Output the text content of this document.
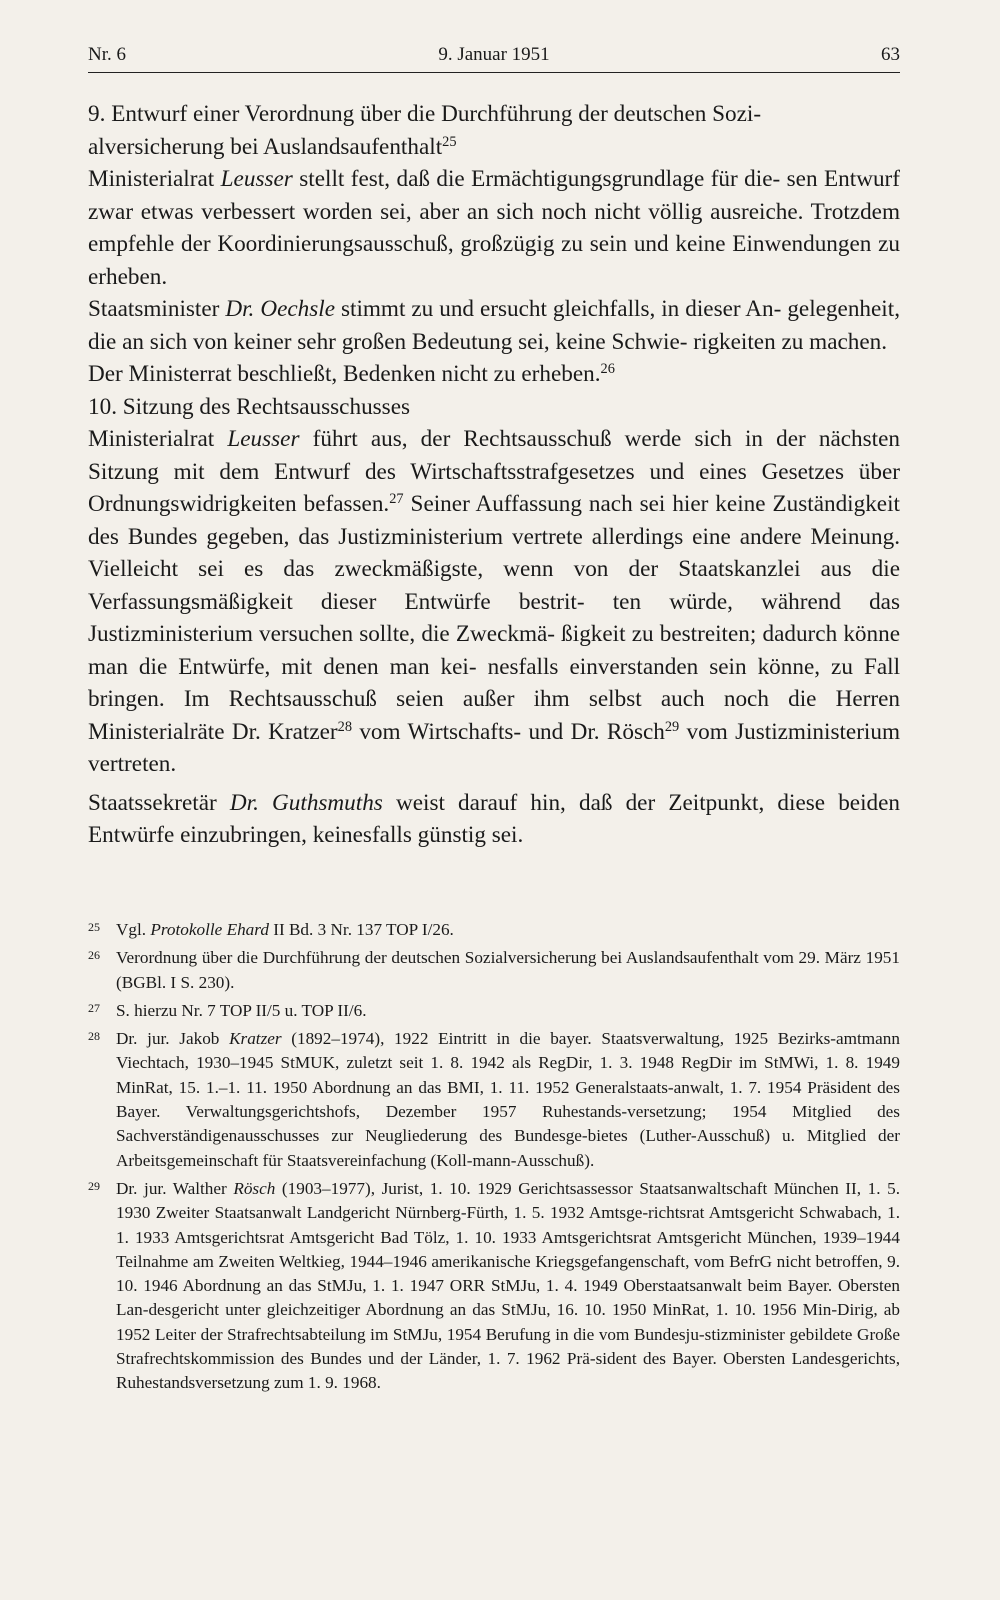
Nr. 6	9. Januar 1951	63

9. Entwurf einer Verordnung über die Durchführung der deutschen Sozi-
alversicherung bei Auslandsaufenthalt$^{25}$

Ministerialrat Leusser stellt fest, daß die Ermächtigungsgrundlage für die- sen Entwurf zwar etwas verbessert worden sei, aber an sich noch nicht völlig ausreiche. Trotzdem empfehle der Koordinierungsausschuß, großzügig zu sein und keine Einwendungen zu erheben.

Staatsminister Dr. Oechsle stimmt zu und ersucht gleichfalls, in dieser An- gelegenheit, die an sich von keiner sehr großen Bedeutung sei, keine Schwie- rigkeiten zu machen.

Der Ministerrat beschließt, Bedenken nicht zu erheben.$^{26}$

10. Sitzung des Rechtsausschusses

Ministerialrat Leusser führt aus, der Rechtsausschuß werde sich in der nächsten Sitzung mit dem Entwurf des Wirtschaftsstrafgesetzes und eines Gesetzes über Ordnungswidrigkeiten befassen.$^{27}$ Seiner Auffassung nach sei hier keine Zuständigkeit des Bundes gegeben, das Justizministerium vertrete allerdings eine andere Meinung. Vielleicht sei es das zweckmäßigste, wenn von der Staatskanzlei aus die Verfassungsmäßigkeit dieser Entwürfe bestrit- ten würde, während das Justizministerium versuchen sollte, die Zweckmä- ßigkeit zu bestreiten; dadurch könne man die Entwürfe, mit denen man kei- nesfalls einverstanden sein könne, zu Fall bringen. Im Rechtsausschuß seien außer ihm selbst auch noch die Herren Ministerialräte Dr. Kratzer$^{28}$ vom Wirtschafts- und Dr. Rösch$^{29}$ vom Justizministerium vertreten.

Staatssekretär Dr. Guthsmuths weist darauf hin, daß der Zeitpunkt, diese beiden Entwürfe einzubringen, keinesfalls günstig sei.

25 Vgl. Protokolle Ehard II Bd. 3 Nr. 137 TOP I/26.
26 Verordnung über die Durchführung der deutschen Sozialversicherung bei Auslandsaufenthalt vom 29. März 1951 (BGBl. I S. 230).
27 S. hierzu Nr. 7 TOP II/5 u. TOP II/6.
28 Dr. jur. Jakob Kratzer (1892–1974), 1922 Eintritt in die bayer. Staatsverwaltung, 1925 Bezirks-amtmann Viechtach, 1930–1945 StMUK, zuletzt seit 1. 8. 1942 als RegDir, 1. 3. 1948 RegDir im StMWi, 1. 8. 1949 MinRat, 15. 1.–1. 11. 1950 Abordnung an das BMI, 1. 11. 1952 Generalstaats-anwalt, 1. 7. 1954 Präsident des Bayer. Verwaltungsgerichtshofs, Dezember 1957 Ruhestands-versetzung; 1954 Mitglied des Sachverständigenausschusses zur Neugliederung des Bundesge-bietes (Luther-Ausschuß) u. Mitglied der Arbeitsgemeinschaft für Staatsvereinfachung (Koll-mann-Ausschuß).
29 Dr. jur. Walther Rösch (1903–1977), Jurist, 1. 10. 1929 Gerichtsassessor Staatsanwaltschaft München II, 1. 5. 1930 Zweiter Staatsanwalt Landgericht Nürnberg-Fürth, 1. 5. 1932 Amtsge-richtsrat Amtsgericht Schwabach, 1. 1. 1933 Amtsgerichtsrat Amtsgericht Bad Tölz, 1. 10. 1933 Amtsgerichtsrat Amtsgericht München, 1939–1944 Teilnahme am Zweiten Weltkieg, 1944–1946 amerikanische Kriegsgefangenschaft, vom BefrG nicht betroffen, 9. 10. 1946 Abordnung an das StMJu, 1. 1. 1947 ORR StMJu, 1. 4. 1949 Oberstaatsanwalt beim Bayer. Obersten Lan-desgericht unter gleichzeitiger Abordnung an das StMJu, 16. 10. 1950 MinRat, 1. 10. 1956 Min-Dirig, ab 1952 Leiter der Strafrechtsabteilung im StMJu, 1954 Berufung in die vom Bundesju-stizminister gebildete Große Strafrechtskommission des Bundes und der Länder, 1. 7. 1962 Prä-sident des Bayer. Obersten Landesgerichts, Ruhestandsversetzung zum 1. 9. 1968.
